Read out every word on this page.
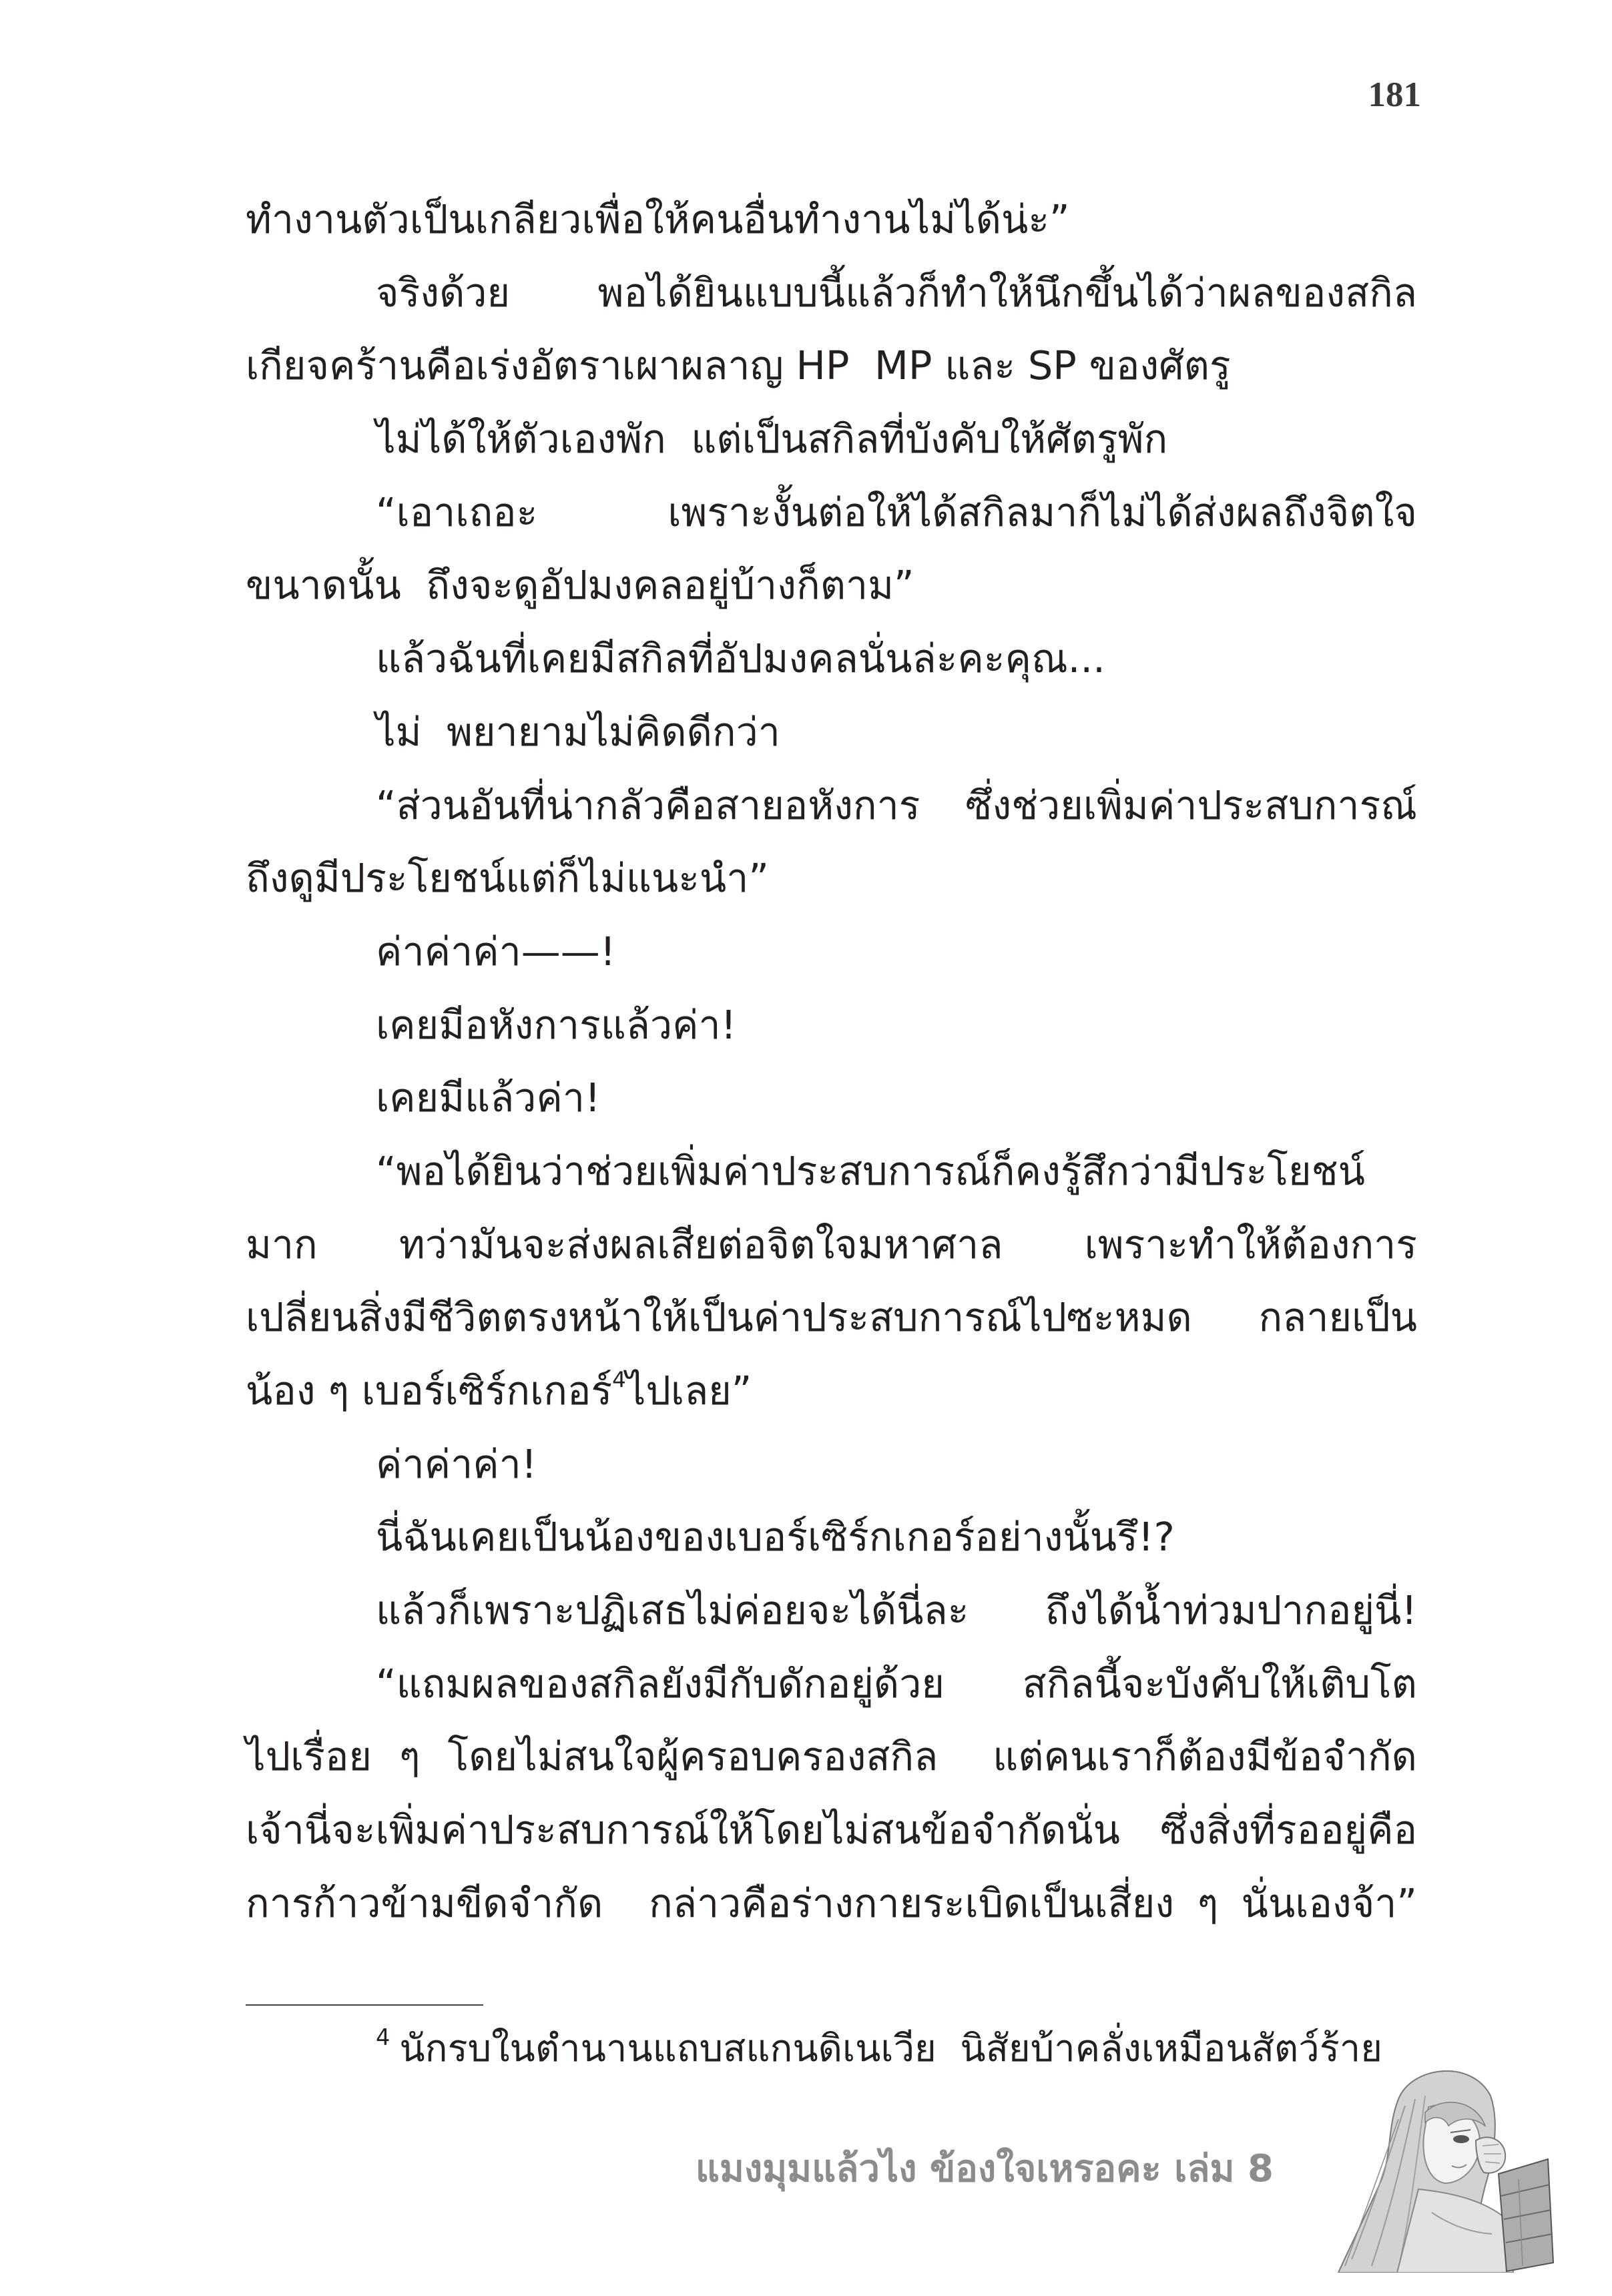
181
ทำงานตัวเป็นเกลียวเพื่อให้คนอื่นทำงานไม่ได้น่ะ”
จริงด้วย  พอได้ยินแบบนี้แล้วก็ทำให้นึกขึ้นได้ว่าผลของสกิล
เกียจคร้านคือเร่งอัตราเผาผลาญ HP  MP และ SP ของศัตรู
ไม่ได้ให้ตัวเองพัก  แต่เป็นสกิลที่บังคับให้ศัตรูพัก
“เอาเถอะ  เพราะงั้นต่อให้ได้สกิลมาก็ไม่ได้ส่งผลถึงจิตใจ
ขนาดนั้น  ถึงจะดูอัปมงคลอยู่บ้างก็ตาม”
แล้วฉันที่เคยมีสกิลที่อัปมงคลนั่นล่ะคะคุณ...
ไม่  พยายามไม่คิดดีกว่า
“ส่วนอันที่น่ากลัวคือสายอหังการ  ซึ่งช่วยเพิ่มค่าประสบการณ์
ถึงดูมีประโยชน์แต่ก็ไม่แนะนำ”
ค่าค่าค่า——!
เคยมีอหังการแล้วค่า!
เคยมีแล้วค่า!
“พอได้ยินว่าช่วยเพิ่มค่าประสบการณ์ก็คงรู้สึกว่ามีประโยชน์
มาก  ทว่ามันจะส่งผลเสียต่อจิตใจมหาศาล  เพราะทำให้ต้องการ
เปลี่ยนสิ่งมีชีวิตตรงหน้าให้เป็นค่าประสบการณ์ไปซะหมด  กลายเป็น
น้อง ๆ เบอร์เซิร์กเกอร์$^4$ไปเลย”
ค่าค่าค่า!
นี่ฉันเคยเป็นน้องของเบอร์เซิร์กเกอร์อย่างนั้นรึ!?
แล้วก็เพราะปฏิเสธไม่ค่อยจะได้นี่ละ  ถึงได้น้ำท่วมปากอยู่นี่!
“แถมผลของสกิลยังมีกับดักอยู่ด้วย  สกิลนี้จะบังคับให้เติบโต
ไปเรื่อย ๆ โดยไม่สนใจผู้ครอบครองสกิล  แต่คนเราก็ต้องมีข้อจำกัด
เจ้านี่จะเพิ่มค่าประสบการณ์ให้โดยไม่สนข้อจำกัดนั่น  ซึ่งสิ่งที่รออยู่คือ
การก้าวข้ามขีดจำกัด  กล่าวคือร่างกายระเบิดเป็นเสี่ยง ๆ นั่นเองจ้า”
$^4$ นักรบในตำนานแถบสแกนดิเนเวีย  นิสัยบ้าคลั่งเหมือนสัตว์ร้าย
แมงมุมแล้วไง ข้องใจเหรอคะ เล่ม 8
